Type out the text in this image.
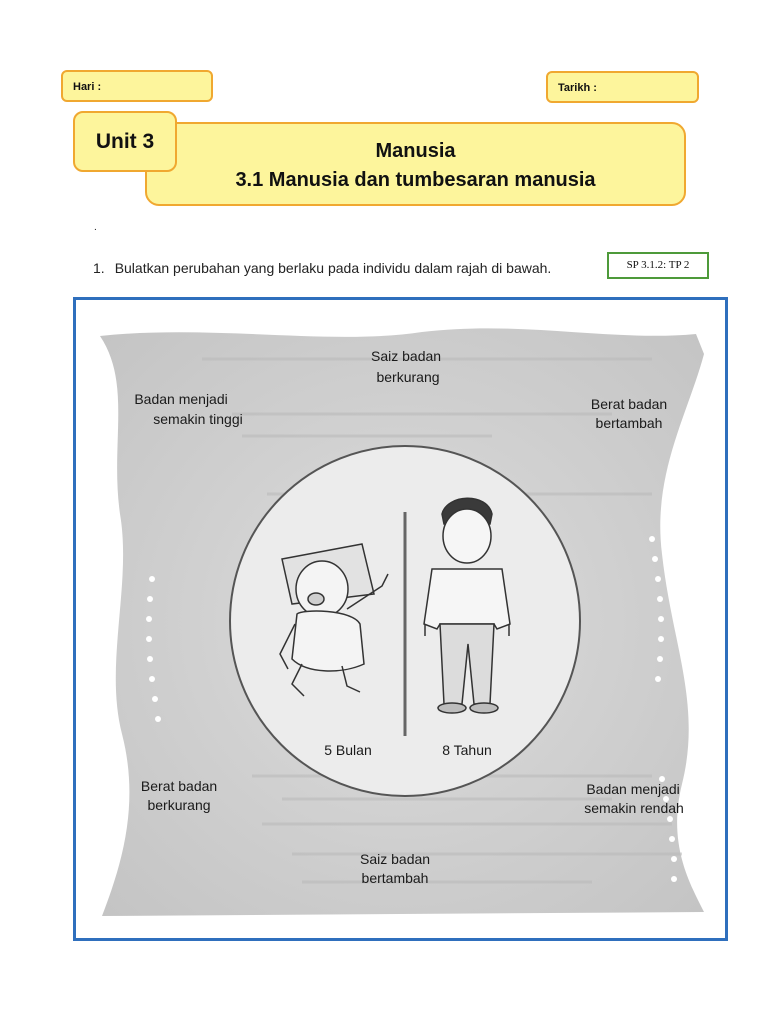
Hari :	Tarikh :
Manusia
3.1 Manusia dan tumbesaran manusia
Unit 3
.
1. Bulatkan perubahan yang berlaku pada individu dalam rajah di bawah.	SP 3.1.2: TP 2
Saiz badan berkurang
Badan menjadi semakin tinggi
Berat badan bertambah
Berat badan berkurang
Badan menjadi semakin rendah
Saiz badan bertambah
5 Bulan	8 Tahun
